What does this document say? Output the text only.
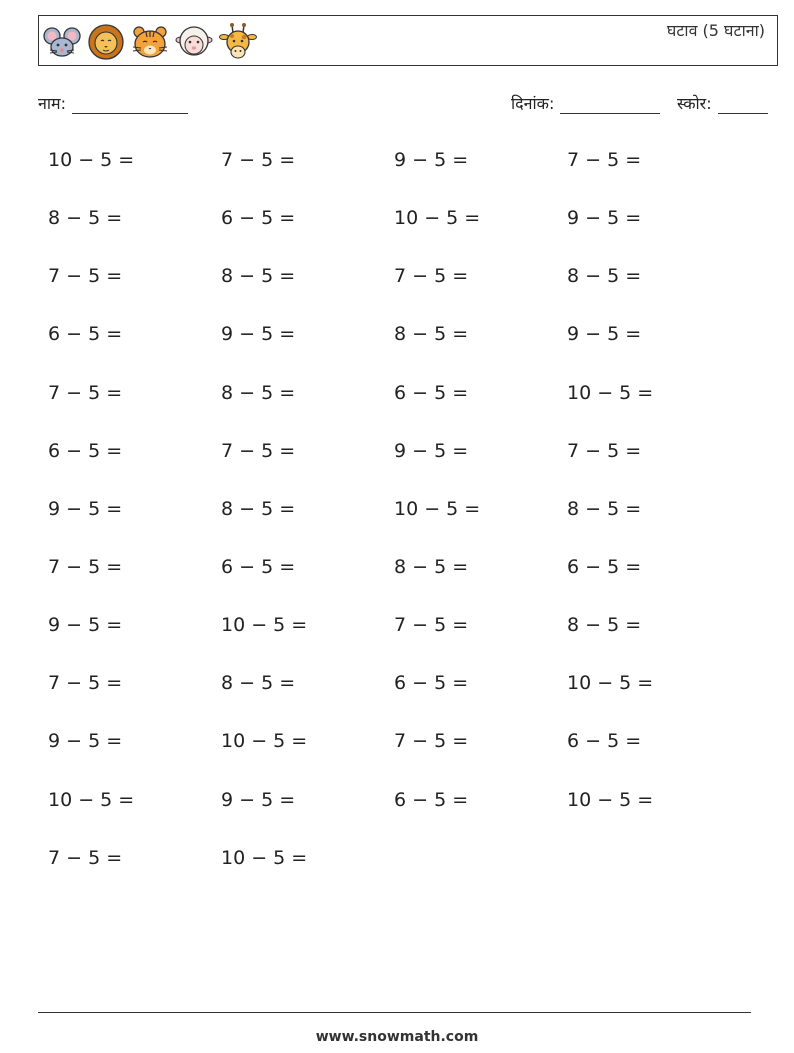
घटाव (5 घटाना)
नाम:	दिनांक:	स्कोर:
10 − 5 =	7 − 5 =	9 − 5 =	7 − 5 =
8 − 5 =	6 − 5 =	10 − 5 =	9 − 5 =
7 − 5 =	8 − 5 =	7 − 5 =	8 − 5 =
6 − 5 =	9 − 5 =	8 − 5 =	9 − 5 =
7 − 5 =	8 − 5 =	6 − 5 =	10 − 5 =
6 − 5 =	7 − 5 =	9 − 5 =	7 − 5 =
9 − 5 =	8 − 5 =	10 − 5 =	8 − 5 =
7 − 5 =	6 − 5 =	8 − 5 =	6 − 5 =
9 − 5 =	10 − 5 =	7 − 5 =	8 − 5 =
7 − 5 =	8 − 5 =	6 − 5 =	10 − 5 =
9 − 5 =	10 − 5 =	7 − 5 =	6 − 5 =
10 − 5 =	9 − 5 =	6 − 5 =	10 − 5 =
7 − 5 =	10 − 5 =
www.snowmath.com
